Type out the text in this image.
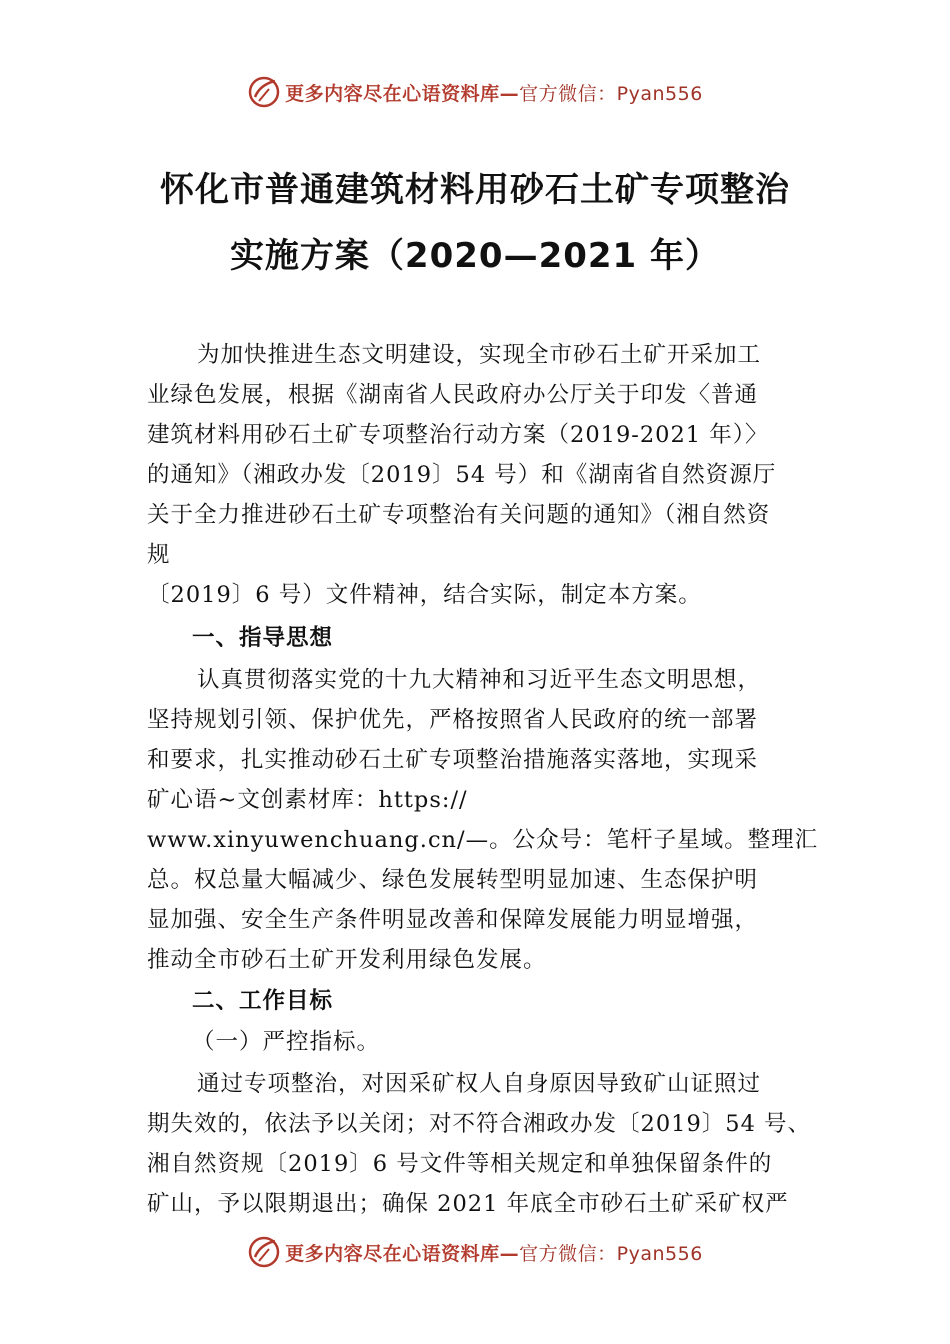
更多内容尽在心语资料库— 官方微信：Pyan556
怀化市普通建筑材料用砂石土矿专项整治
实施方案（2020—2021 年）
为加快推进生态文明建设，实现全市砂石土矿开采加工
业绿色发展，根据《湖南省人民政府办公厅关于印发〈普通
建筑材料用砂石土矿专项整治行动方案（2019-2021 年）〉
的通知》（湘政办发〔2019〕54 号）和《湖南省自然资源厅
关于全力推进砂石土矿专项整治有关问题的通知》（湘自然资
规
〔2019〕6 号）文件精神，结合实际，制定本方案。
一、指导思想
认真贯彻落实党的十九大精神和习近平生态文明思想，
坚持规划引领、保护优先，严格按照省人民政府的统一部署
和要求，扎实推动砂石土矿专项整治措施落实落地，实现采
矿心语~文创素材库：https://
www.xinyuwenchuang.cn/—。公众号：笔杆子星域。整理汇
总。权总量大幅减少、绿色发展转型明显加速、生态保护明
显加强、安全生产条件明显改善和保障发展能力明显增强，
推动全市砂石土矿开发利用绿色发展。
二、工作目标
（一）严控指标。
通过专项整治，对因采矿权人自身原因导致矿山证照过
期失效的，依法予以关闭；对不符合湘政办发〔2019〕54 号、
湘自然资规〔2019〕6 号文件等相关规定和单独保留条件的
矿山，予以限期退出；确保 2021 年底全市砂石土矿采矿权严
更多内容尽在心语资料库— 官方微信：Pyan556
